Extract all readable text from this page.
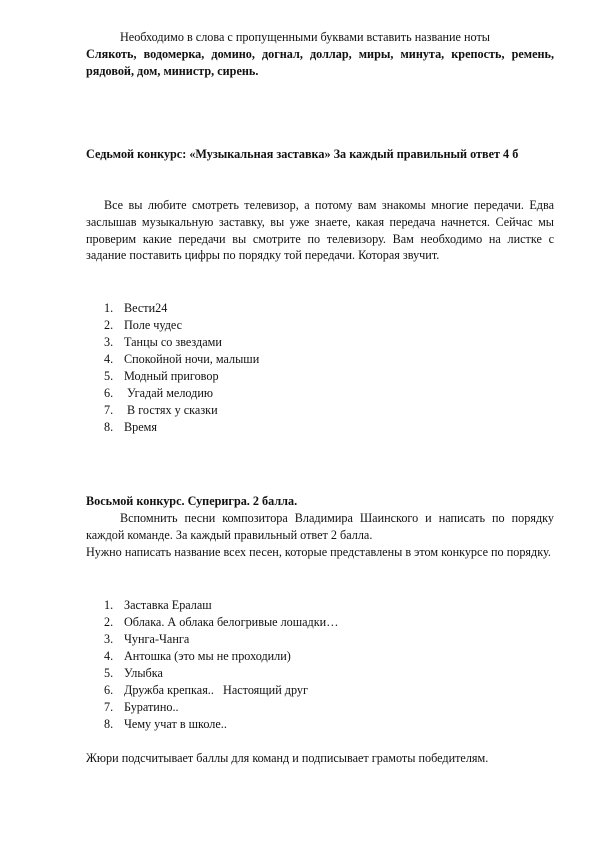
Необходимо в слова с пропущенными буквами вставить название ноты

Слякоть, водомерка, домино, догнал, доллар, миры, минута, крепость, ремень, рядовой, дом, министр, сирень.

Седьмой конкурс: «Музыкальная заставка» За каждый правильный ответ 4 б

Все вы любите смотреть телевизор, а потому вам знакомы многие передачи. Едва заслышав музыкальную заставку, вы уже знаете, какая передача начнется. Сейчас мы проверим какие передачи вы смотрите по телевизору. Вам необходимо на листке с задание поставить цифры по порядку той передачи. Которая звучит.

1. Вести24
2. Поле чудес
3. Танцы со звездами
4. Спокойной ночи, малыши
5. Модный приговор
6. Угадай мелодию
7. В гостях у сказки
8. Время

Восьмой конкурс. Суперигра. 2 балла.

Вспомнить песни композитора Владимира Шаинского и написать по порядку каждой команде. За каждый правильный ответ 2 балла.

Нужно написать название всех песен, которые представлены в этом конкурсе по порядку.

1. Заставка Ералаш
2. Облака. А облака белогривые лошадки…
3. Чунга-Чанга
4. Антошка (это мы не проходили)
5. Улыбка
6. Дружба крепкая..   Настоящий друг
7. Буратино..
8. Чему учат в школе..

Жюри подсчитывает баллы для команд и подписывает грамоты победителям.
